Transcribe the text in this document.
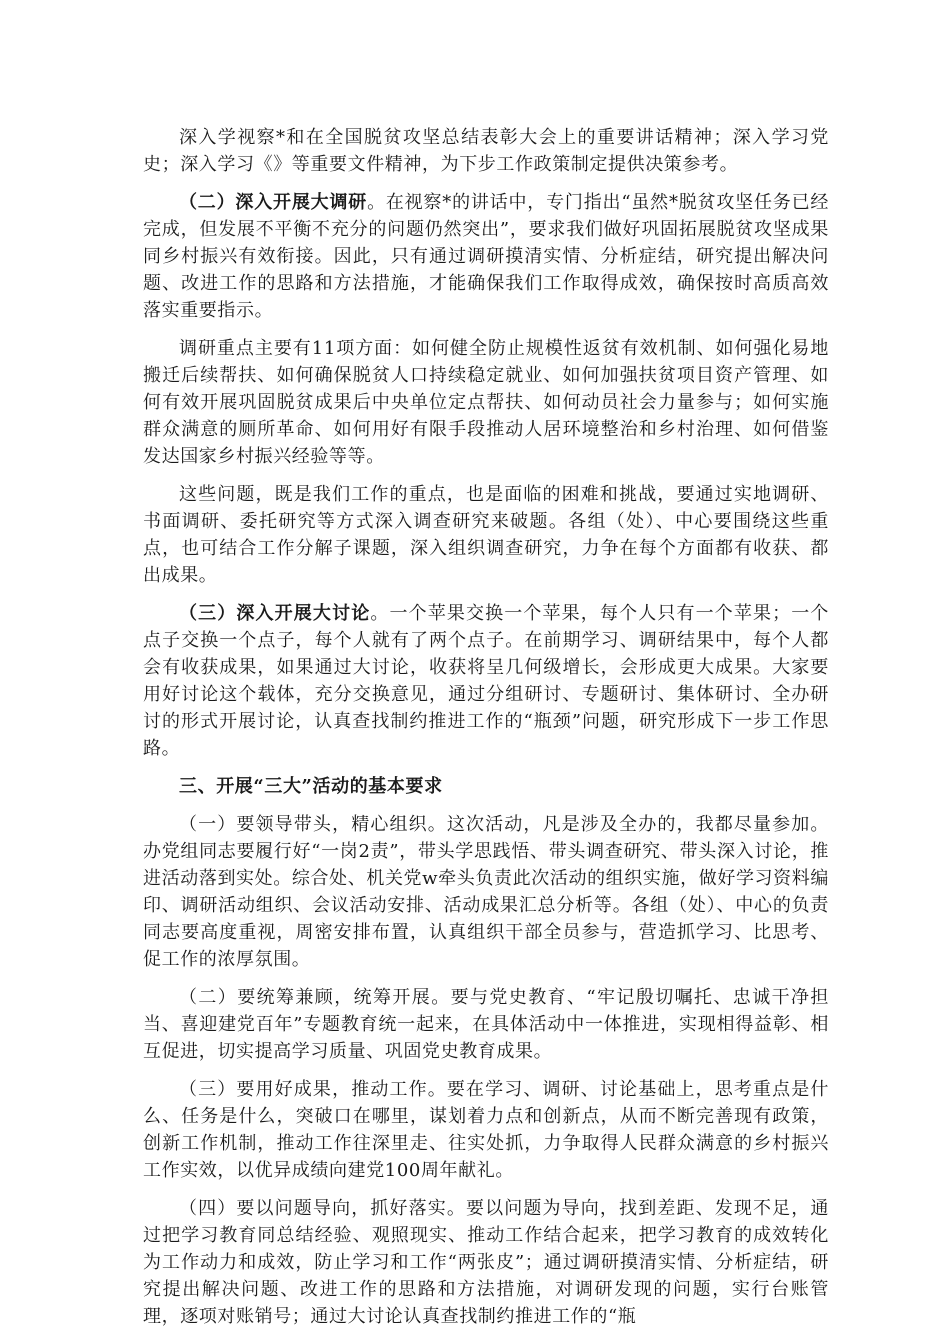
深入学视察*和在全国脱贫攻坚总结表彰大会上的重要讲话精神；深入学习党史；深入学习《》等重要文件精神，为下步工作政策制定提供决策参考。

（二）深入开展大调研。在视察*的讲话中，专门指出“虽然*脱贫攻坚任务已经完成，但发展不平衡不充分的问题仍然突出”，要求我们做好巩固拓展脱贫攻坚成果同乡村振兴有效衔接。因此，只有通过调研摸清实情、分析症结，研究提出解决问题、改进工作的思路和方法措施，才能确保我们工作取得成效，确保按时高质高效落实重要指示。

调研重点主要有11项方面：如何健全防止规模性返贫有效机制、如何强化易地搬迁后续帮扶、如何确保脱贫人口持续稳定就业、如何加强扶贫项目资产管理、如何有效开展巩固脱贫成果后中央单位定点帮扶、如何动员社会力量参与；如何实施群众满意的厕所革命、如何用好有限手段推动人居环境整治和乡村治理、如何借鉴发达国家乡村振兴经验等等。

这些问题，既是我们工作的重点，也是面临的困难和挑战，要通过实地调研、书面调研、委托研究等方式深入调查研究来破题。各组（处）、中心要围绕这些重点，也可结合工作分解子课题，深入组织调查研究，力争在每个方面都有收获、都出成果。

（三）深入开展大讨论。一个苹果交换一个苹果，每个人只有一个苹果；一个点子交换一个点子，每个人就有了两个点子。在前期学习、调研结果中，每个人都会有收获成果，如果通过大讨论，收获将呈几何级增长，会形成更大成果。大家要用好讨论这个载体，充分交换意见，通过分组研讨、专题研讨、集体研讨、全办研讨的形式开展讨论，认真查找制约推进工作的“瓶颈”问题，研究形成下一步工作思路。

三、开展“三大”活动的基本要求

（一）要领导带头，精心组织。这次活动，凡是涉及全办的，我都尽量参加。办党组同志要履行好“一岗2责”，带头学思践悟、带头调查研究、带头深入讨论，推进活动落到实处。综合处、机关党w牵头负责此次活动的组织实施，做好学习资料编印、调研活动组织、会议活动安排、活动成果汇总分析等。各组（处）、中心的负责同志要高度重视，周密安排布置，认真组织干部全员参与，营造抓学习、比思考、促工作的浓厚氛围。

（二）要统筹兼顾，统筹开展。要与党史教育、“牢记殷切嘱托、忠诚干净担当、喜迎建党百年”专题教育统一起来，在具体活动中一体推进，实现相得益彰、相互促进，切实提高学习质量、巩固党史教育成果。

（三）要用好成果，推动工作。要在学习、调研、讨论基础上，思考重点是什么、任务是什么，突破口在哪里，谋划着力点和创新点，从而不断完善现有政策，创新工作机制，推动工作往深里走、往实处抓，力争取得人民群众满意的乡村振兴工作实效，以优异成绩向建党100周年献礼。

（四）要以问题导向，抓好落实。要以问题为导向，找到差距、发现不足，通过把学习教育同总结经验、观照现实、推动工作结合起来，把学习教育的成效转化为工作动力和成效，防止学习和工作“两张皮”；通过调研摸清实情、分析症结，研究提出解决问题、改进工作的思路和方法措施，对调研发现的问题，实行台账管理，逐项对账销号；通过大讨论认真查找制约推进工作的“瓶
